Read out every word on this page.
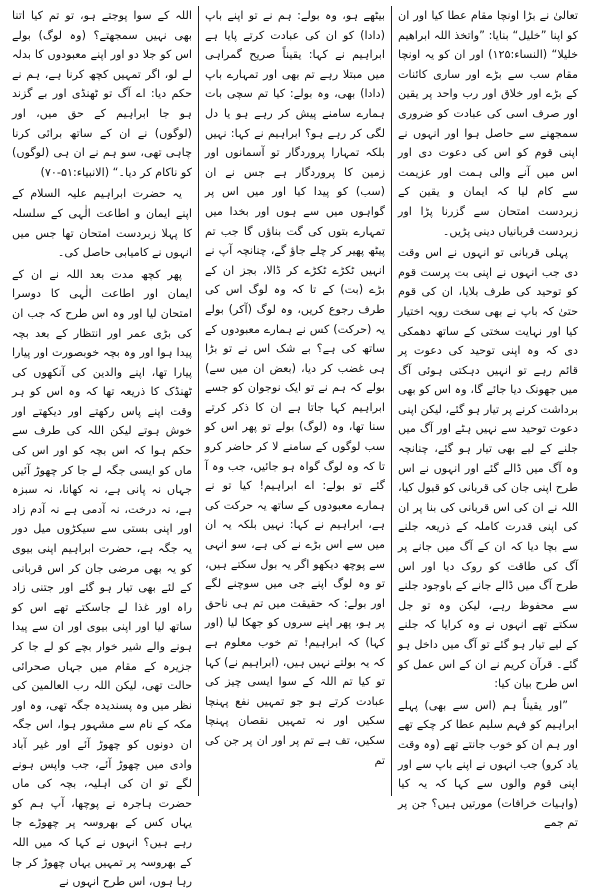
تعالیٰ نے بڑا اونچا مقام عطا کیا اور ان کو اپنا ”خلیل“ بنایا: ”واتخذ اللہ ابراھیم خلیلا“ (النساء:۱۲۵) اور ان کو یہ اونچا مقام سب سے بڑے اور ساری کائنات کے بڑے اور خلاق اور رب واحد پر یقین اور صرف اسی کی عبادت کو ضروری سمجھنے سے حاصل ہوا اور انہوں نے اپنی قوم کو اس کی دعوت دی اور اس میں آنے والی ہمت اور عزیمت سے کام لیا کہ ایمان و یقین کے زبردست امتحان سے گزرنا پڑا اور زبردست قربانیاں دینی پڑیں۔

پہلی قربانی تو انہوں نے اس وقت دی جب انہوں نے اپنی بت پرست قوم کو توحید کی طرف بلایا، ان کی قوم حتیٰ کہ باپ نے بھی سخت رویہ اختیار کیا اور نہایت سختی کے ساتھ دھمکی دی کہ وہ اپنی توحید کی دعوت پر قائم رہے تو انہیں دہکتی ہوئی آگ میں جھونک دیا جائے گا، وہ اس کو بھی برداشت کرنے پر تیار ہو گئے، لیکن اپنی دعوت توحید سے نہیں ہٹے اور آگ میں جلنے کے لیے بھی تیار ہو گئے، چنانچہ وہ آگ میں ڈالے گئے اور انہوں نے اس طرح اپنی جان کی قربانی کو قبول کیا، اللہ نے ان کی اس قربانی کی بنا پر ان کی اپنی قدرت کاملہ کے ذریعہ جلنے سے بچا دیا کہ ان کے آگ میں جانے پر آگ کی طاقت کو روک دیا اور اس طرح آگ میں ڈالے جانے کے باوجود جلنے سے محفوظ رہے، لیکن وہ تو جل سکتے تھے انہوں نے وہ کرایا کہ جلنے کے لیے تیار ہو گئے تو آگ میں داخل ہو گئے۔ قرآن کریم نے ان کے اس عمل کو اس طرح بیان کیا:

”اور یقیناً ہم (اس سے بھی) پہلے ابراہیم کو فہم سلیم عطا کر چکے تھے اور ہم ان کو خوب جانتے تھے (وہ وقت یاد کرو) جب انہوں نے اپنے باپ سے اور اپنی قوم والوں سے کہا کہ یہ کیا (واہیات خرافات) مورتیں ہیں؟ جن پر تم جمے

بیٹھے ہو، وہ بولے: ہم نے تو اپنے باپ (دادا) کو ان کی عبادت کرتے پایا ہے ابراہیم نے کہا: یقیناً صریح گمراہی میں مبتلا رہے تم بھی اور تمہارے باپ (دادا) بھی، وہ بولے: کیا تم سچی بات ہمارے سامنے پیش کر رہے ہو یا دل لگی کر رہے ہو؟ ابراہیم نے کہا: نہیں بلکہ تمہارا پروردگار تو آسمانوں اور زمین کا پروردگار ہے جس نے ان (سب) کو پیدا کیا اور میں اس پر گواہوں میں سے ہوں اور بخدا میں تمہارے بتوں کی گت بناؤں گا جب تم پیٹھ پھیر کر چلے جاؤ گے، چنانچہ آپ نے انہیں ٹکڑے ٹکڑے کر ڈالا، بجز ان کے بڑے (بت) کے تا کہ وہ لوگ اس کی طرف رجوع کریں، وہ لوگ (آکر) بولے یہ (حرکت) کس نے ہمارے معبودوں کے ساتھ کی ہے؟ بے شک اس نے تو بڑا ہی غضب کر دیا، (بعض ان میں سے) بولے کہ ہم نے تو ایک نوجوان کو جسے ابراہیم کہا جاتا ہے ان کا ذکر کرتے سنا تھا، وہ (لوگ) بولے تو پھر اس کو سب لوگوں کے سامنے لا کر حاضر کرو تا کہ وہ لوگ گواہ ہو جائیں، جب وہ آ گئے تو بولے: اے ابراہیم! کیا تو نے ہمارے معبودوں کے ساتھ یہ حرکت کی ہے، ابراہیم نے کہا: نہیں بلکہ یہ ان میں سے اس بڑے نے کی ہے، سو انہی سے پوچھ دیکھو اگر یہ بول سکتے ہیں، تو وہ لوگ اپنے جی میں سوچنے لگے اور بولے: کہ حقیقت میں تم ہی ناحق پر ہو، پھر اپنے سروں کو جھکا لیا (اور کہا) کہ ابراہیم! تم خوب معلوم ہے کہ یہ بولتے نہیں ہیں، (ابراہیم نے) کہا تو کیا تم اللہ کے سوا ایسی چیز کی عبادت کرتے ہو جو تمہیں نفع پہنچا سکیں اور نہ تمہیں نقصان پہنچا سکیں، تف ہے تم پر اور ان پر جن کی تم

اللہ کے سوا پوجتے ہو، تو تم کیا اتنا بھی نہیں سمجھتے؟ (وہ لوگ) بولے اس کو جلا دو اور اپنے معبودوں کا بدلہ لے لو، اگر تمہیں کچھ کرنا ہے، ہم نے حکم دیا: اے آگ تو ٹھنڈی اور بے گزند ہو جا ابراہیم کے حق میں، اور (لوگوں) نے ان کے ساتھ برائی کرنا چاہی تھی، سو ہم نے ان ہی (لوگوں) کو ناکام کر دیا۔“ (الانبیاء:۵۱-۷۰)

یہ حضرت ابراہیم علیہ السلام کے اپنے ایمان و اطاعت الٰہی کے سلسلہ کا پہلا زبردست امتحان تھا جس میں انہوں نے کامیابی حاصل کی۔

پھر کچھ مدت بعد اللہ نے ان کے ایمان اور اطاعت الٰہی کا دوسرا امتحان لیا اور وہ اس طرح کہ جب ان کی بڑی عمر اور انتظار کے بعد بچہ پیدا ہوا اور وہ بچہ خوبصورت اور پیارا پیارا تھا، اپنے والدین کی آنکھوں کی ٹھنڈک کا ذریعہ تھا کہ وہ اس کو ہر وقت اپنے پاس رکھتے اور دیکھتے اور خوش ہوتے لیکن اللہ کی طرف سے حکم ہوا کہ اس بچہ کو اور اس کی ماں کو ایسی جگہ لے جا کر چھوڑ آئیں جہاں نہ پانی ہے، نہ کھانا، نہ سبزہ ہے، نہ درخت، نہ آدمی ہے نہ آدم زاد اور اپنی بستی سے سیکڑوں میل دور یہ جگہ ہے، حضرت ابراہیم اپنی بیوی کو یہ بھی مرضی جان کر اس قربانی کے لئے بھی تیار ہو گئے اور جتنی زاد راہ اور غذا لے جاسکتے تھے اس کو ساتھ لیا اور اپنی بیوی اور ان سے پیدا ہونے والے شیر خوار بچے کو لے جا کر جزیرہ کے مقام میں جہاں صحرائی حالت تھی، لیکن اللہ رب العالمین کی نظر میں وہ پسندیدہ جگہ تھی، وہ اور مکہ کے نام سے مشہور ہوا، اس جگہ ان دونوں کو چھوڑ آئے اور غیر آباد وادی میں چھوڑ آئے، جب واپس ہونے لگے تو ان کی اہلیہ، بچہ کی ماں حضرت ہاجرہ نے پوچھا، آپ ہم کو یہاں کس کے بھروسہ پر چھوڑے جا رہے ہیں؟ انہوں نے کہا کہ میں اللہ کے بھروسہ پر تمہیں یہاں چھوڑ کر جا رہا ہوں، اس طرح انہوں نے
